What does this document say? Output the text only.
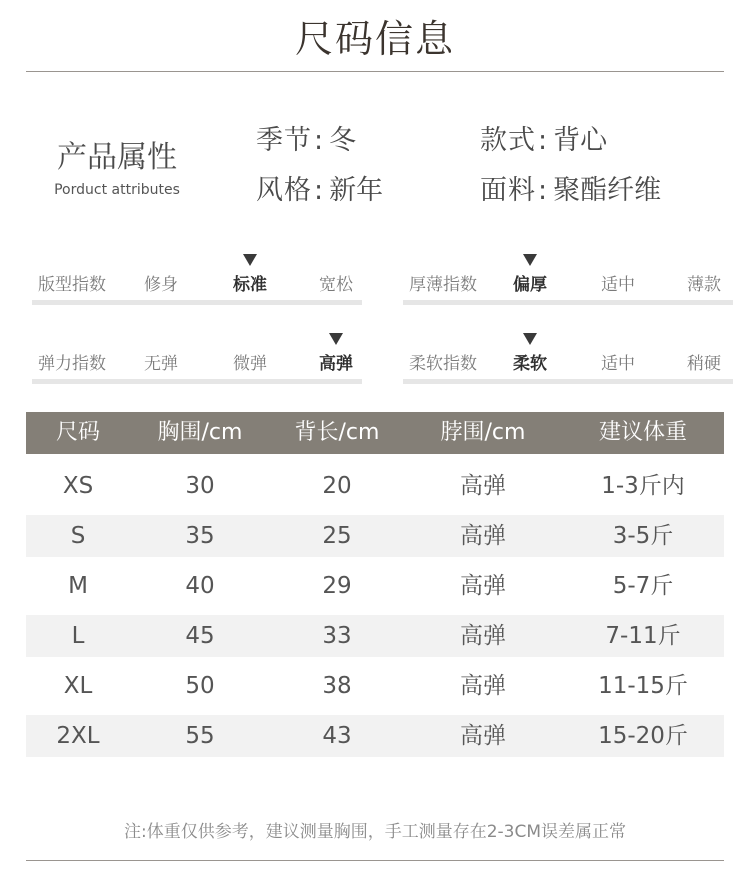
尺码信息
产品属性
Porduct attributes
季节: 冬	款式: 背心
风格: 新年	面料: 聚酯纤维
版型指数 修身	标准	宽松	厚薄指数 偏厚	适中	薄款
弹力指数 无弹	微弹	高弹	柔软指数 柔软	适中	稍硬
尺码	胸围/cm	背长/cm	脖围/cm	建议体重
XS	30	20	高弹	1-3斤内
S	35	25	高弹	3-5斤
M	40	29	高弹	5-7斤
L	45	33	高弹	7-11斤
XL	50	38	高弹	11-15斤
2XL	55	43	高弹	15-20斤
注:体重仅供参考，建议测量胸围，手工测量存在2-3CM误差属正常
